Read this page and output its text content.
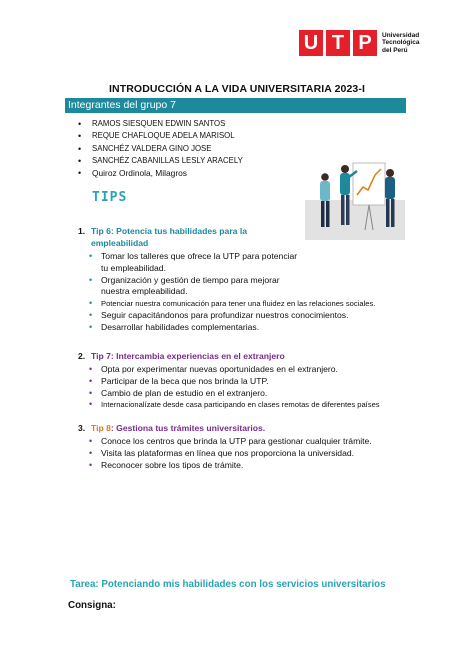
U T P	Universidad
Tecnológica
del Perú
INTRODUCCIÓN A LA VIDA UNIVERSITARIA 2023-I
Integrantes del grupo 7
•	RAMOS SIESQUEN EDWIN SANTOS
•	REQUE CHAFLOQUE ADELA MARISOL
•	SANCHÉZ VALDERA GINO JOSE
•	SANCHÉZ CABANILLAS LESLY ARACELY
•	Quiroz Ordinola, Milagros
TIPS
1. Tip 6: Potencia tus habilidades para la
empleabilidad
•	Tomar los talleres que ofrece la UTP para potenciar
tu empleabilidad.
•	Organización y gestión de tiempo para mejorar
nuestra empleabilidad.
•	Potenciar nuestra comunicación para tener una fluidez en las relaciones sociales.
•	Seguir capacitándonos para profundizar nuestros conocimientos.
•	Desarrollar habilidades complementarias.
2. Tip 7: Intercambia experiencias en el extranjero
•	Opta por experimentar nuevas oportunidades en el extranjero.
•	Participar de la beca que nos brinda la UTP.
•	Cambio de plan de estudio en el extranjero.
•	Internacionalízate desde casa participando en clases remotas de diferentes países
3. Tip 8: Gestiona tus trámites universitarios.
•	Conoce los centros que brinda la UTP para gestionar cualquier trámite.
•	Visita las plataformas en línea que nos proporciona la universidad.
•	Reconocer sobre los tipos de trámite.
Tarea: Potenciando mis habilidades con los servicios universitarios
Consigna:
